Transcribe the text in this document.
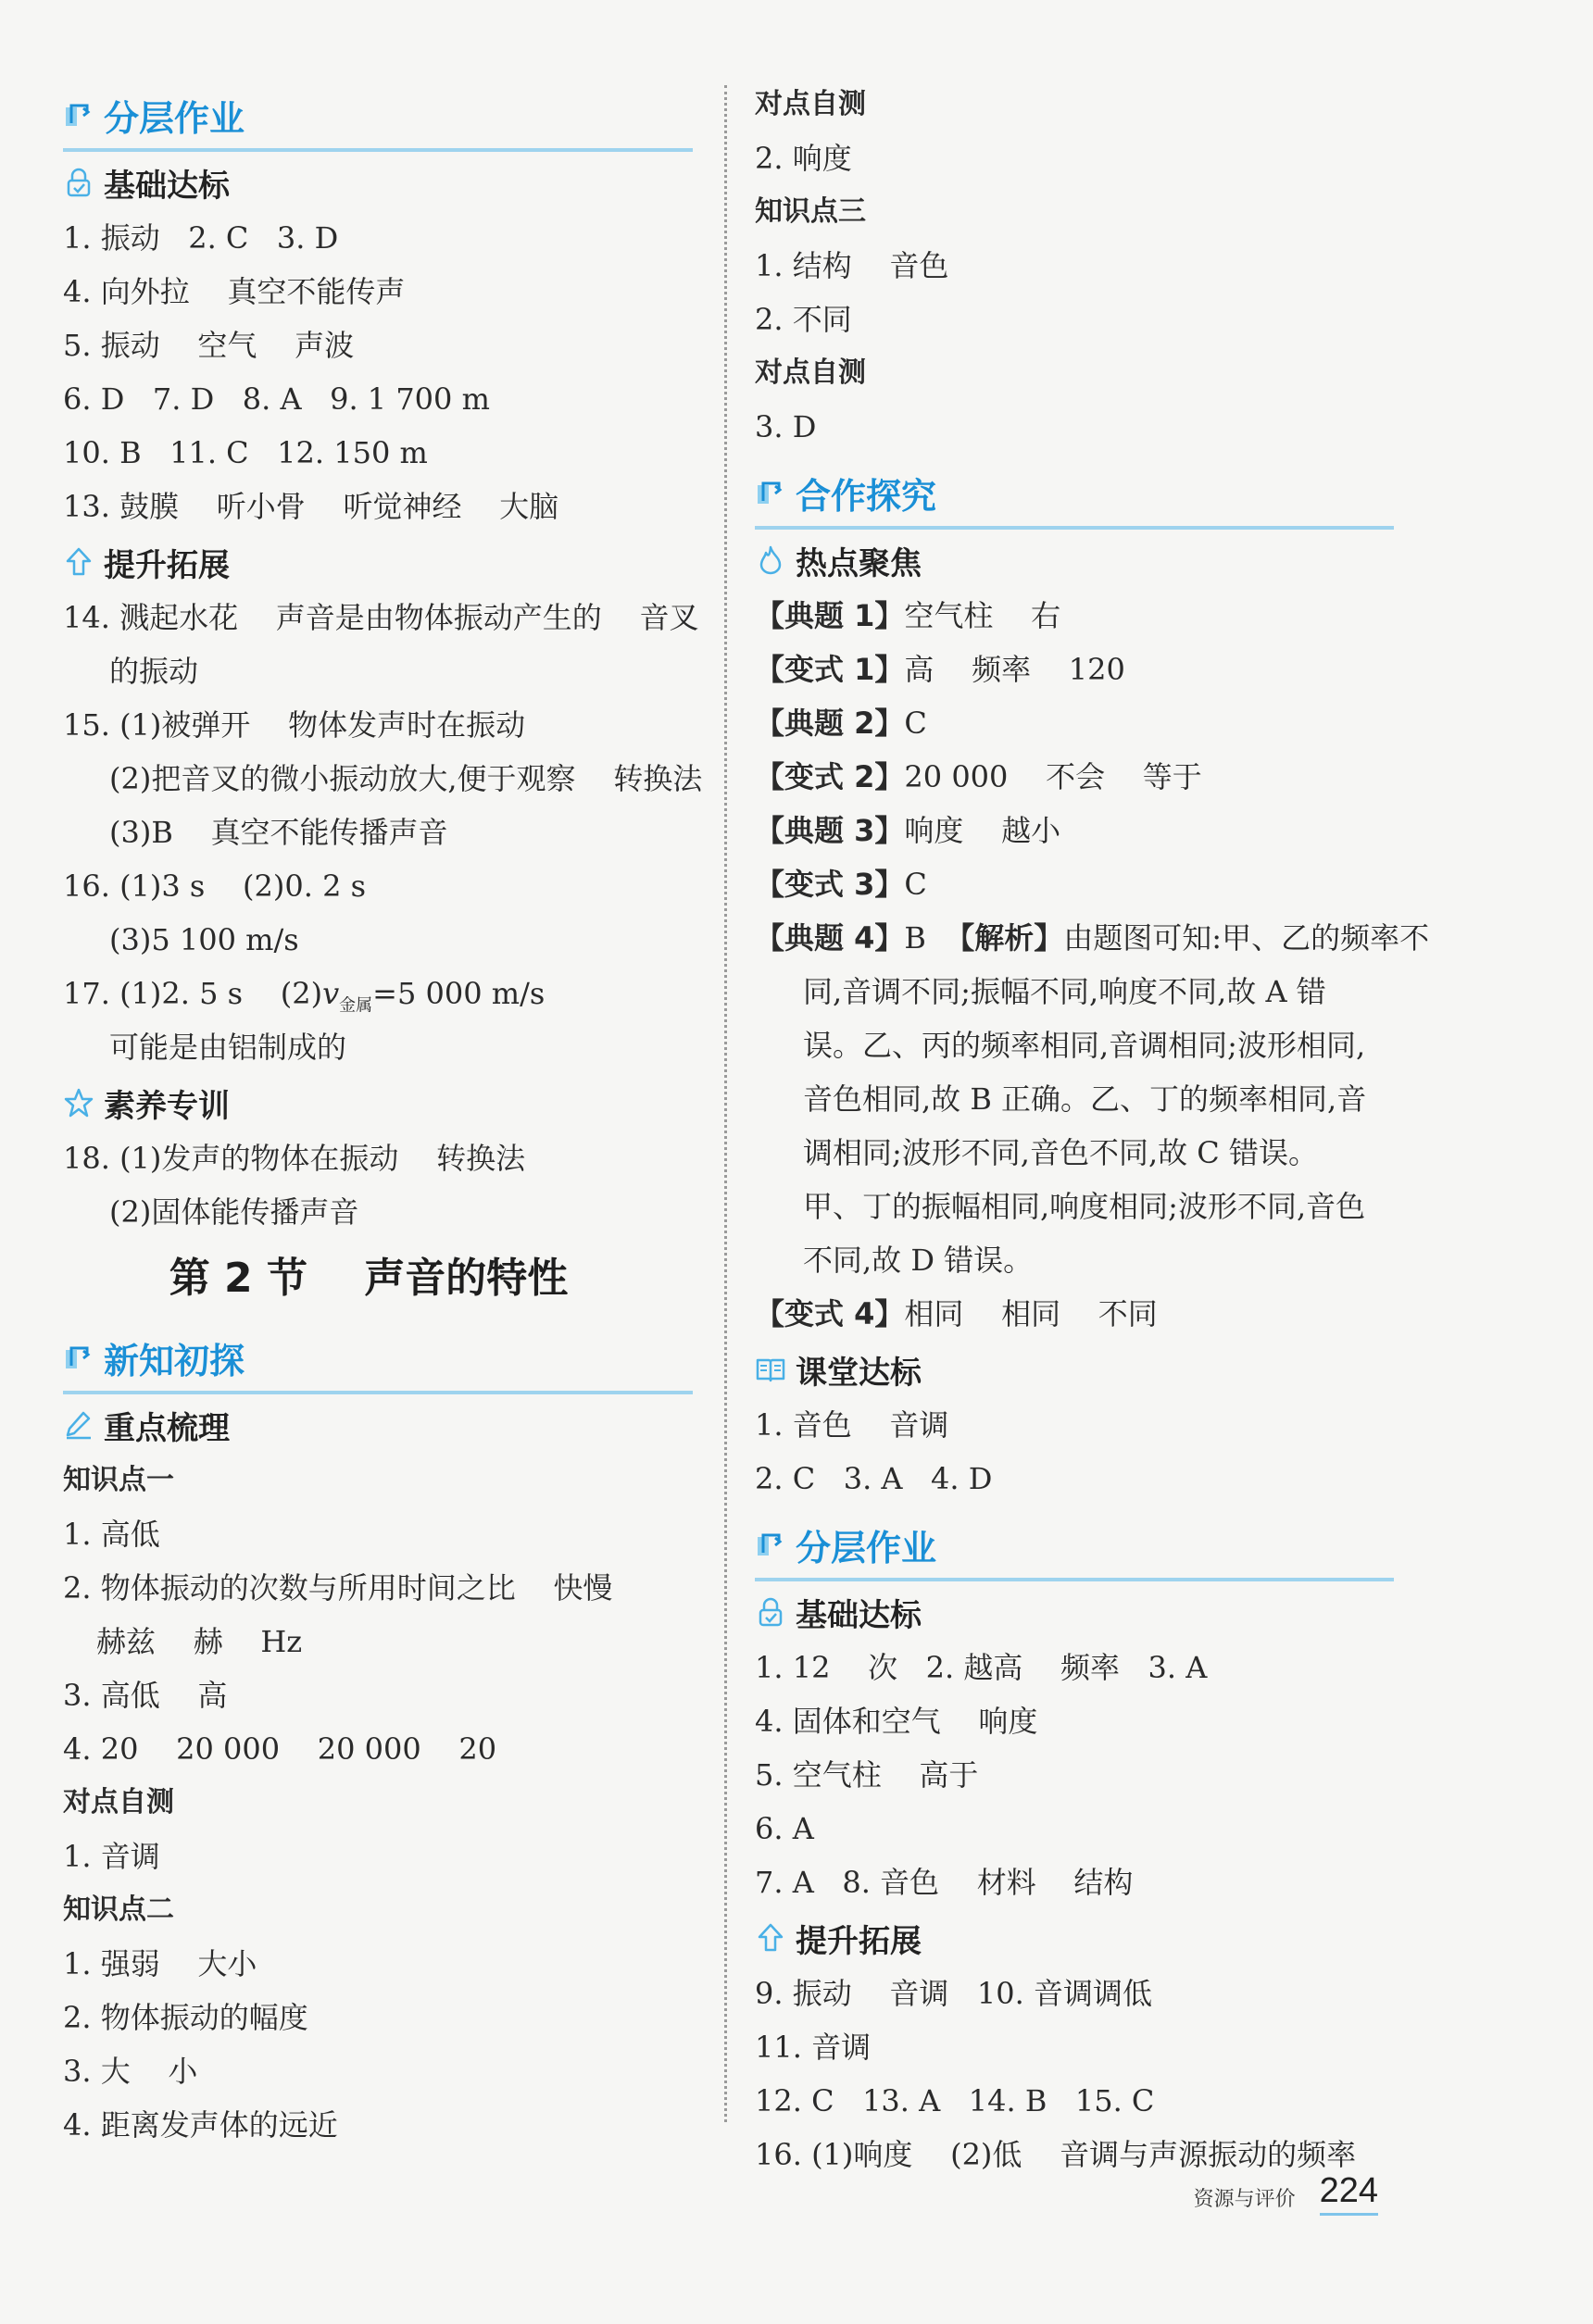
分层作业
基础达标
1. 振动   2. C   3. D
4. 向外拉    真空不能传声
5. 振动    空气    声波
6. D   7. D   8. A   9. 1 700 m
10. B   11. C   12. 150 m
13. 鼓膜    听小骨    听觉神经    大脑
提升拓展
14. 溅起水花    声音是由物体振动产生的    音叉
的振动
15. (1)被弹开    物体发声时在振动
(2)把音叉的微小振动放大,便于观察    转换法
(3)B    真空不能传播声音
16. (1)3 s    (2)0. 2 s
(3)5 100 m/s
17. (1)2. 5 s    $(2)v_{金属}=5$ 000 m/s
可能是由铝制成的
素养专训
18. (1)发声的物体在振动    转换法
(2)固体能传播声音
第 2 节    声音的特性
新知初探
重点梳理
知识点一
1. 高低
2. 物体振动的次数与所用时间之比    快慢
赫兹    赫    Hz
3. 高低    高
4. 20    20 000    20 000    20
对点自测
1. 音调
知识点二
1. 强弱    大小
2. 物体振动的幅度
3. 大    小
4. 距离发声体的远近
对点自测
2. 响度
知识点三
1. 结构    音色
2. 不同
对点自测
3. D
合作探究
热点聚焦
【典题 1】空气柱    右
【变式 1】高    频率    120
【典题 2】C
【变式 2】20 000    不会    等于
【典题 3】响度    越小
【变式 3】C
【典题 4】B  【解析】由题图可知:甲、乙的频率不
同,音调不同;振幅不同,响度不同,故 A 错
误。乙、丙的频率相同,音调相同;波形相同,
音色相同,故 B 正确。乙、丁的频率相同,音
调相同;波形不同,音色不同,故 C 错误。
甲、丁的振幅相同,响度相同;波形不同,音色
不同,故 D 错误。
【变式 4】相同    相同    不同
课堂达标
1. 音色    音调
2. C   3. A   4. D
分层作业
基础达标
1. 12    次   2. 越高    频率   3. A
4. 固体和空气    响度
5. 空气柱    高于
6. A
7. A   8. 音色    材料    结构
提升拓展
9. 振动    音调   10. 音调调低
11. 音调
12. C   13. A   14. B   15. C
16. (1)响度    (2)低    音调与声源振动的频率
资源与评价 224
